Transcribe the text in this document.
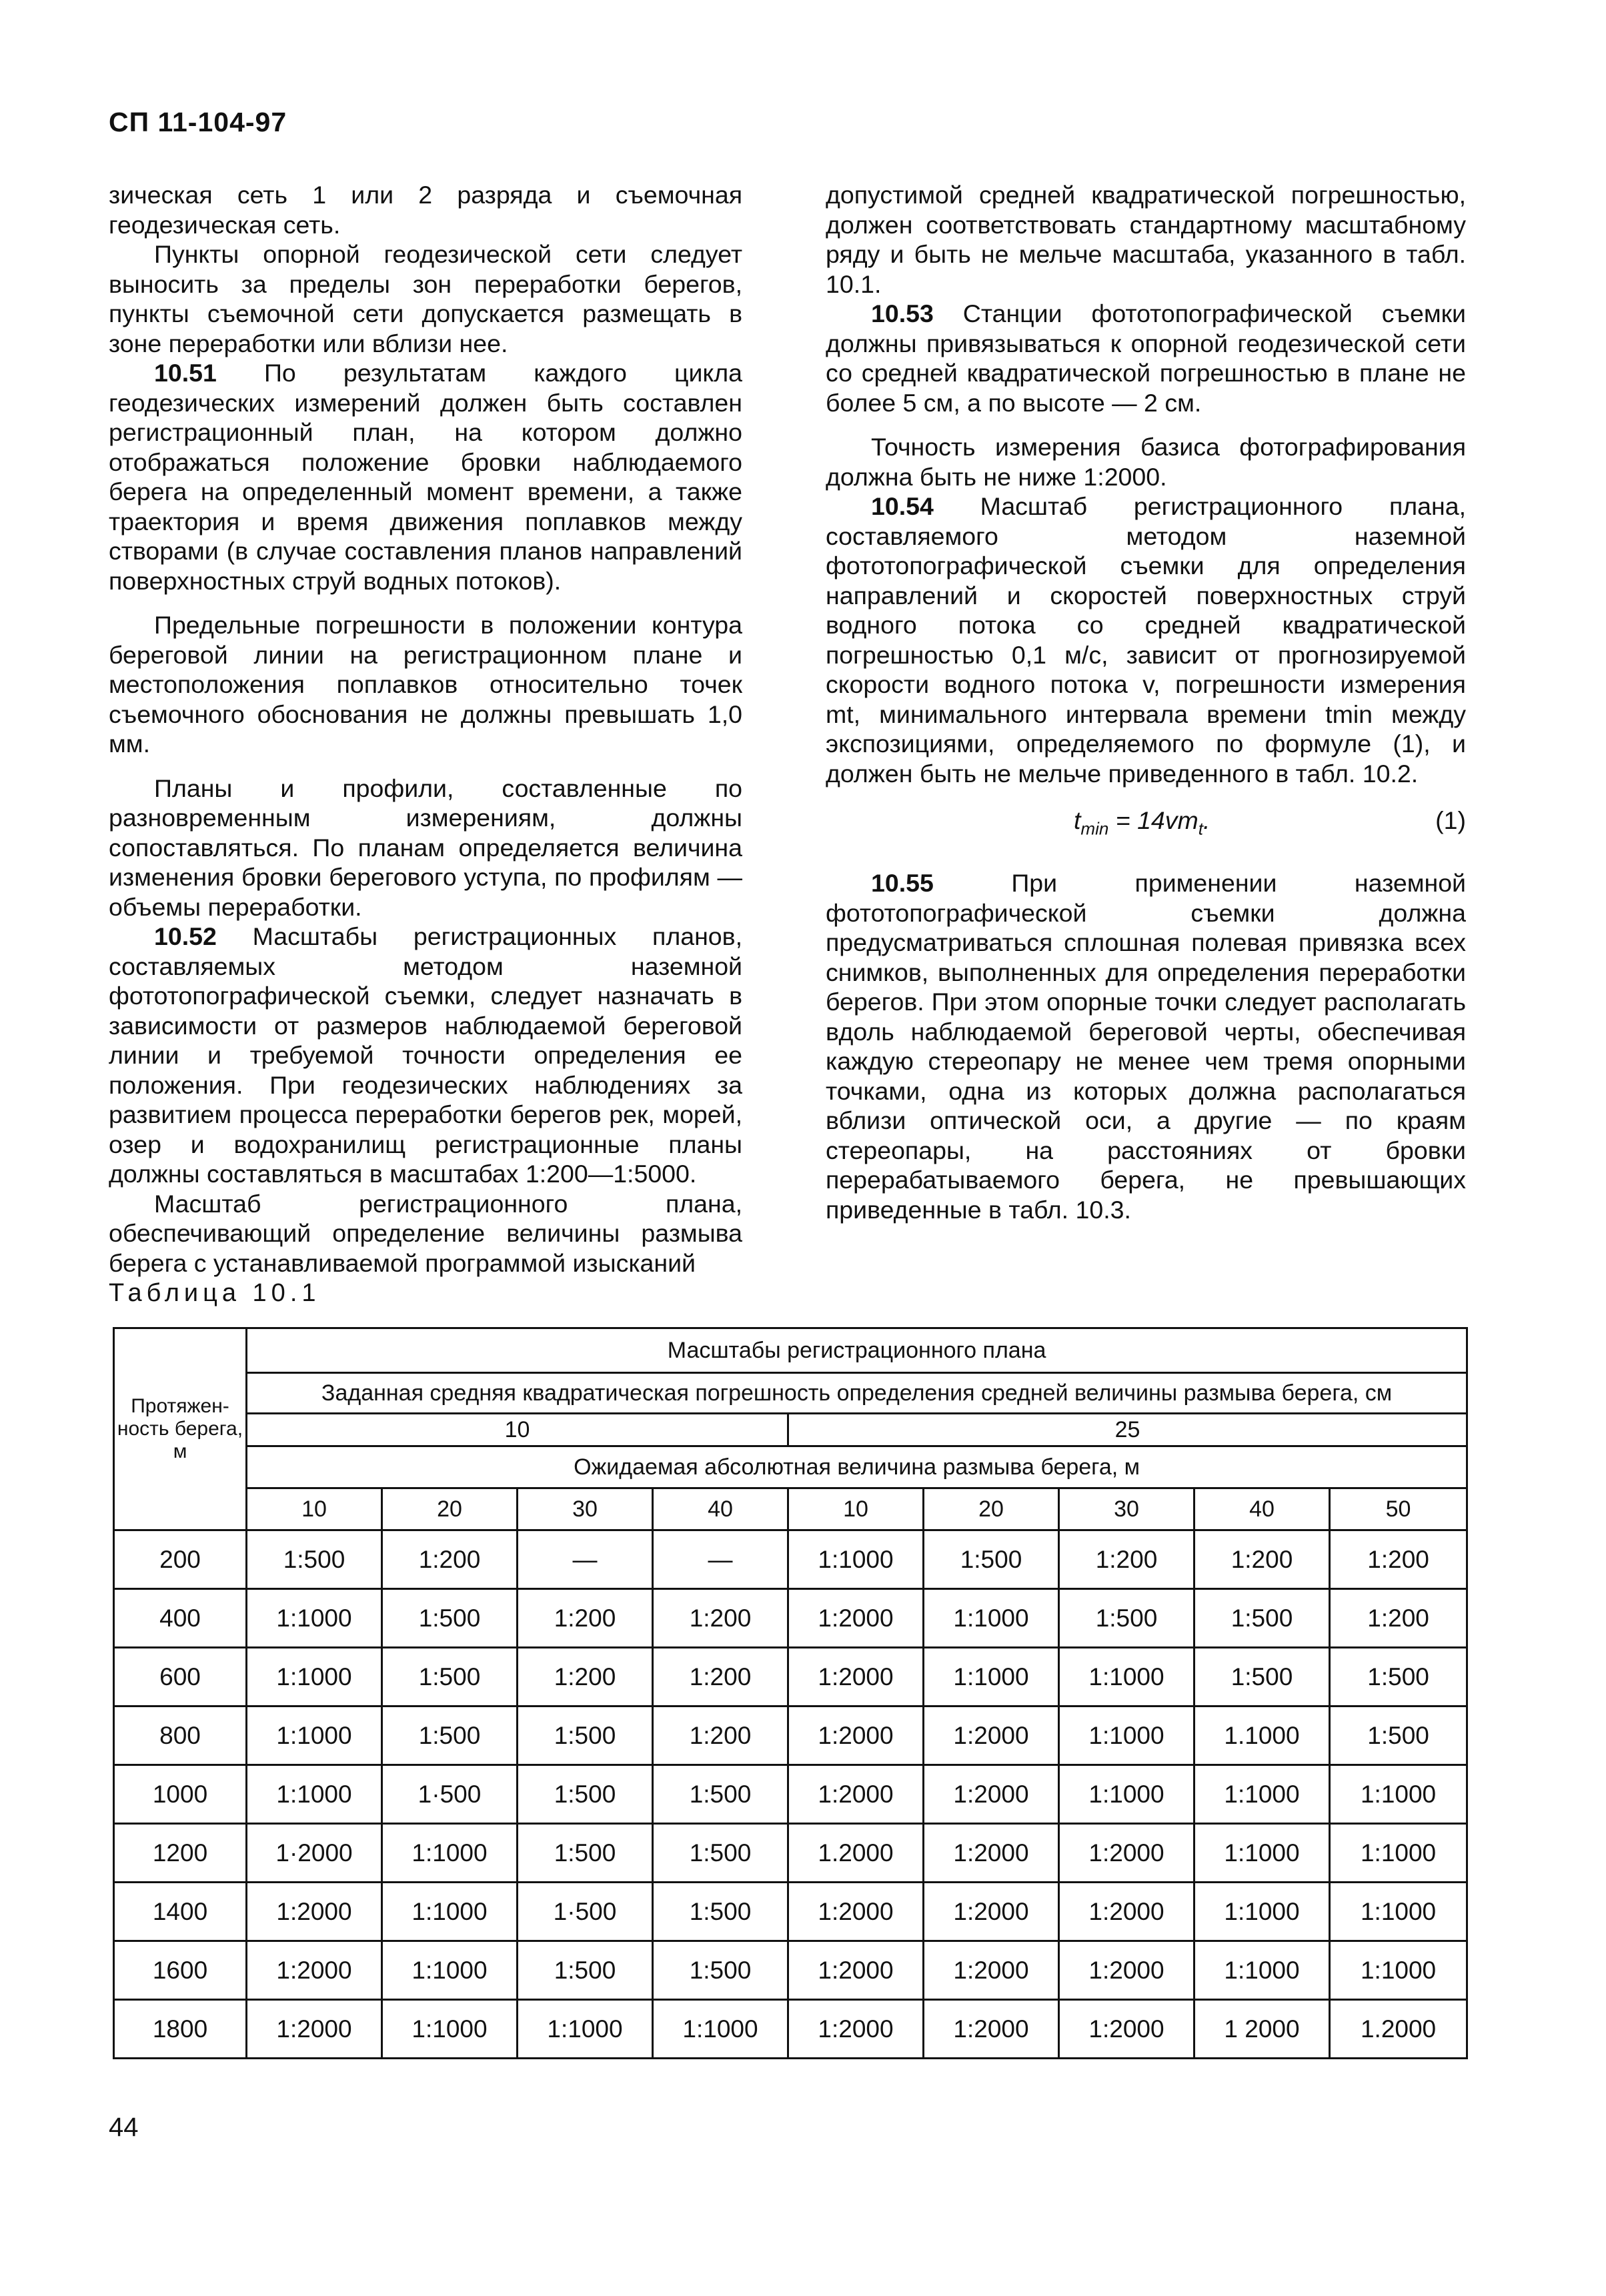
СП 11-104-97

зическая сеть 1 или 2 разряда и съемочная геодезическая сеть.

Пункты опорной геодезической сети следует выносить за пределы зон переработки берегов, пункты съемочной сети допускается размещать в зоне переработки или вблизи нее.

10.51 По результатам каждого цикла геодезических измерений должен быть составлен регистрационный план, на котором должно отображаться положение бровки наблюдаемого берега на определенный момент времени, а также траектория и время движения поплавков между створами (в случае составления планов направлений поверхностных струй водных потоков).

Предельные погрешности в положении контура береговой линии на регистрационном плане и местоположения поплавков относительно точек съемочного обоснования не должны превышать 1,0 мм.

Планы и профили, составленные по разновременным измерениям, должны сопоставляться. По планам определяется величина изменения бровки берегового уступа, по профилям — объемы переработки.

10.52 Масштабы регистрационных планов, составляемых методом наземной фототопографической съемки, следует назначать в зависимости от размеров наблюдаемой береговой линии и требуемой точности определения ее положения. При геодезических наблюдениях за развитием процесса переработки берегов рек, морей, озер и водохранилищ регистрационные планы должны составляться в масштабах 1:200—1:5000.

Масштаб регистрационного плана, обеспечивающий определение величины размыва берега с устанавливаемой программой изысканий

допустимой средней квадратической погрешностью, должен соответствовать стандартному масштабному ряду и быть не мельче масштаба, указанного в табл. 10.1.

10.53 Станции фототопографической съемки должны привязываться к опорной геодезической сети со средней квадратической погрешностью в плане не более 5 см, а по высоте — 2 см.

Точность измерения базиса фотографирования должна быть не ниже 1:2000.

10.54 Масштаб регистрационного плана, составляемого методом наземной фототопографической съемки для определения направлений и скоростей поверхностных струй водного потока со средней квадратической погрешностью 0,1 м/с, зависит от прогнозируемой скорости водного потока v, погрешности измерения mt, минимального интервала времени tmin между экспозициями, определяемого по формуле (1), и должен быть не мельче приведенного в табл. 10.2.

$t_{min} = 14vm_t$.	(1)

10.55 При применении наземной фототопографической съемки должна предусматриваться сплошная полевая привязка всех снимков, выполненных для определения переработки берегов. При этом опорные точки следует располагать вдоль наблюдаемой береговой черты, обеспечивая каждую стереопару не менее чем тремя опорными точками, одна из которых должна располагаться вблизи оптической оси, а другие — по краям стереопары, на расстояниях от бровки перерабатываемого берега, не превышающих приведенные в табл. 10.3.

Таблица 10.1
Протяжен-ность берега, м	Масштабы регистрационного плана								
	Заданная средняя квадратическая погрешность определения средней величины размыва берега, см								
	10				25				
	Ожидаемая абсолютная величина размыва берега, м								
	10	20	30	40	10	20	30	40	50
200	1:500	1:200	—	—	1:1000	1:500	1:200	1:200	1:200
400	1:1000	1:500	1:200	1:200	1:2000	1:1000	1:500	1:500	1:200
600	1:1000	1:500	1:200	1:200	1:2000	1:1000	1:1000	1:500	1:500
800	1:1000	1:500	1:500	1:200	1:2000	1:2000	1:1000	1.1000	1:500
1000	1:1000	1·500	1:500	1:500	1:2000	1:2000	1:1000	1:1000	1:1000
1200	1·2000	1:1000	1:500	1:500	1.2000	1:2000	1:2000	1:1000	1:1000
1400	1:2000	1:1000	1·500	1:500	1:2000	1:2000	1:2000	1:1000	1:1000
1600	1:2000	1:1000	1:500	1:500	1:2000	1:2000	1:2000	1:1000	1:1000
1800	1:2000	1:1000	1:1000	1:1000	1:2000	1:2000	1:2000	1 2000	1.2000
44
